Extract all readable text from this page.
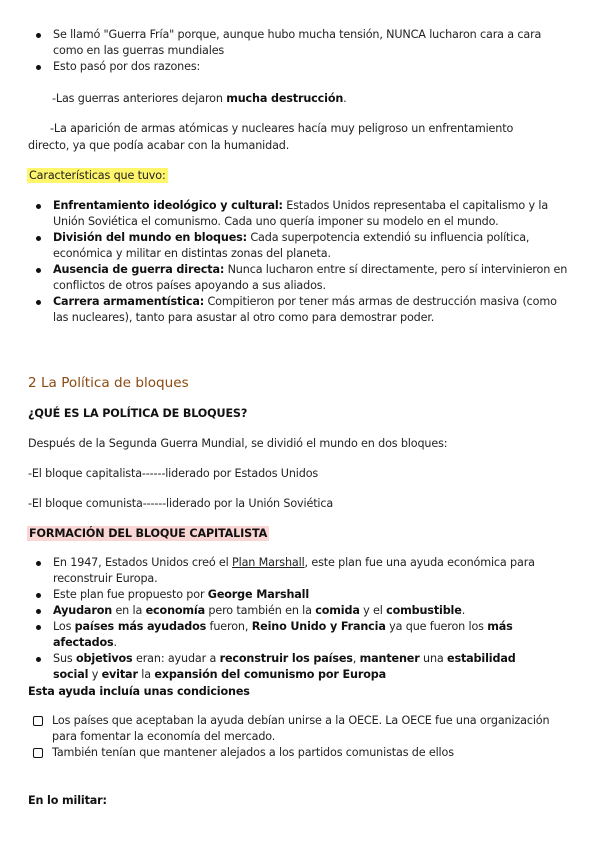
Se llamó "Guerra Fría" porque, aunque hubo mucha tensión, NUNCA lucharon cara a cara como en las guerras mundiales
Esto pasó por dos razones:
-Las guerras anteriores dejaron mucha destrucción.
-La aparición de armas atómicas y nucleares hacía muy peligroso un enfrentamiento
directo, ya que podía acabar con la humanidad.
Características que tuvo:
Enfrentamiento ideológico y cultural: Estados Unidos representaba el capitalismo y la Unión Soviética el comunismo. Cada uno quería imponer su modelo en el mundo.
División del mundo en bloques: Cada superpotencia extendió su influencia política, económica y militar en distintas zonas del planeta.
Ausencia de guerra directa: Nunca lucharon entre sí directamente, pero sí intervinieron en conflictos de otros países apoyando a sus aliados.
Carrera armamentística: Compitieron por tener más armas de destrucción masiva (como las nucleares), tanto para asustar al otro como para demostrar poder.
2 La Política de bloques
¿QUÉ ES LA POLÍTICA DE BLOQUES?
Después de la Segunda Guerra Mundial, se dividió el mundo en dos bloques:
-El bloque capitalista------liderado por Estados Unidos
-El bloque comunista------liderado por la Unión Soviética
FORMACIÓN DEL BLOQUE CAPITALISTA
En 1947, Estados Unidos creó el Plan Marshall, este plan fue una ayuda económica para reconstruir Europa.
Este plan fue propuesto por George Marshall
Ayudaron en la economía pero también en la comida y el combustible.
Los países más ayudados fueron, Reino Unido y Francia ya que fueron los más afectados.
Sus objetivos eran: ayudar a reconstruir los países, mantener una estabilidad social y evitar la expansión del comunismo por Europa
Esta ayuda incluía unas condiciones
Los países que aceptaban la ayuda debían unirse a la OECE. La OECE fue una organización para fomentar la economía del mercado.
También tenían que mantener alejados a los partidos comunistas de ellos
En lo militar:
